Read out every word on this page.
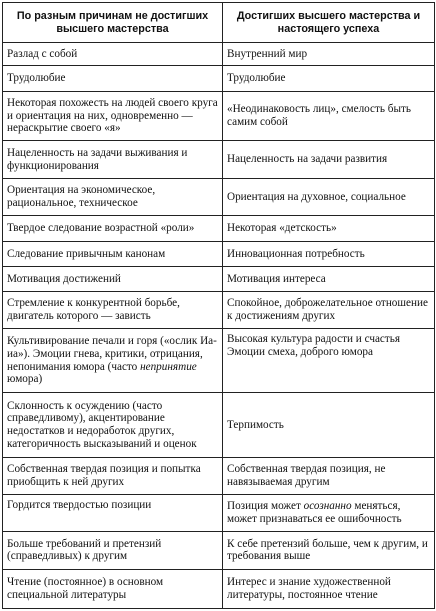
По разным причинам не достигших высшего мастерства	Достигших высшего мастерства и настоящего успеха
Разлад с собой	Внутренний мир
Трудолюбие	Трудолюбие
Некоторая похожесть на людей своего круга и ориентация на них, одновременно — нераскрытие своего «я»	«Неодинаковость лиц», смелость быть самим собой
Нацеленность на задачи выживания и функционирования	Нацеленность на задачи развития
Ориентация на экономическое, рациональное, техническое	Ориентация на духовное, социальное
Твердое следование возрастной «роли»	Некоторая «детскость»
Следование привычным канонам	Инновационная потребность
Мотивация достижений	Мотивация интереса
Стремление к конкурентной борьбе, двигатель которого — зависть	Спокойное, доброжелательное отношение к достижениям других
Культивирование печали и горя («ослик Иа-иа»). Эмоции гнева, критики, отрицания, непонимания юмора (часто непринятие юмора)	Высокая культура радости и счастья Эмоции смеха, доброго юмора
Склонность к осуждению (часто справедливому), акцентирование недостатков и недоработок других, категоричность высказываний и оценок	Терпимость
Собственная твердая позиция и попытка приобщить к ней других	Собственная твердая позиция, не навязываемая другим
Гордится твердостью позиции	Позиция может осознанно меняться, может признаваться ее ошибочность
Больше требований и претензий (справедливых) к другим	К себе претензий больше, чем к другим, и требования выше
Чтение (постоянное) в основном специальной литературы	Интерес и знание художественной литературы, постоянное чтение
